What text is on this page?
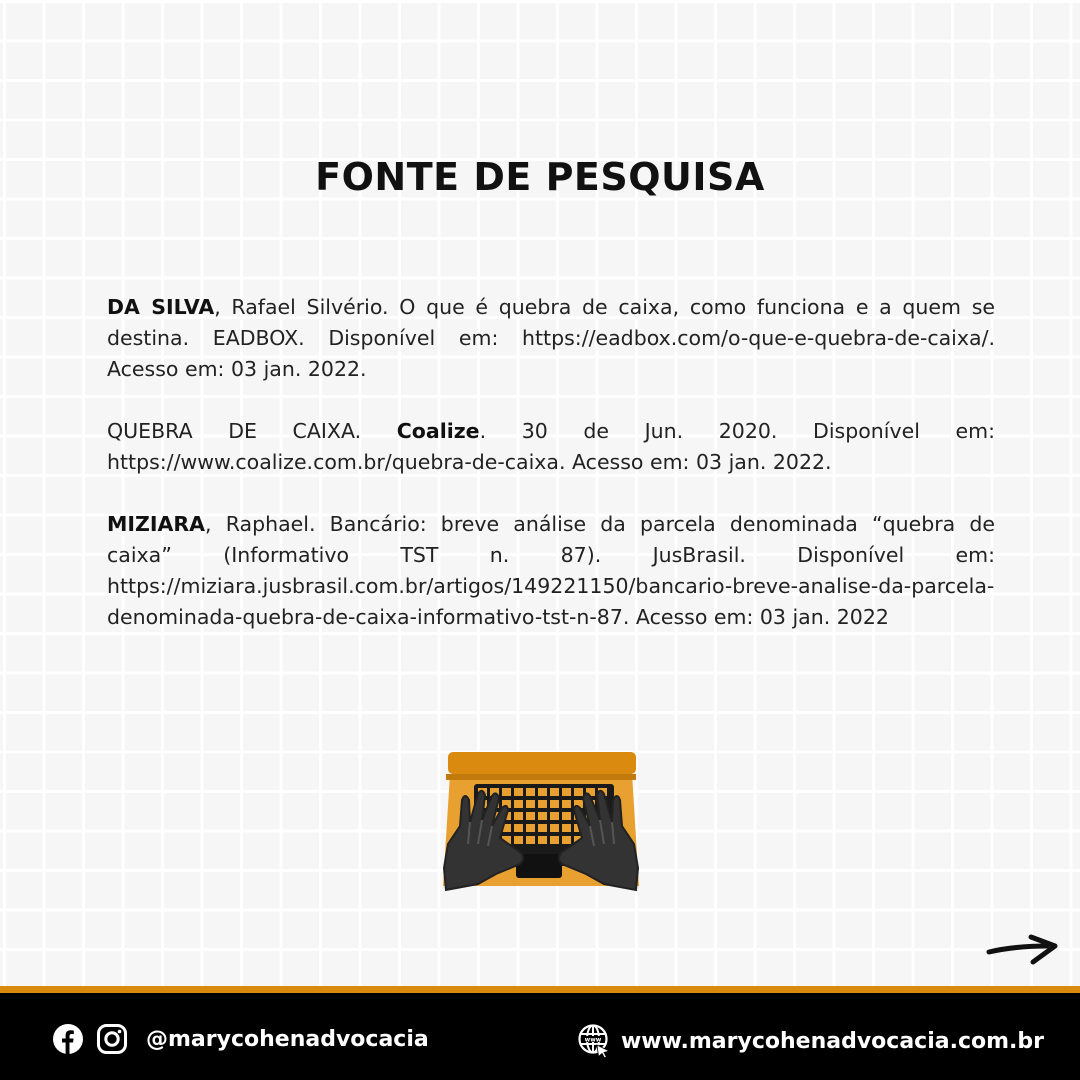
FONTE DE PESQUISA

DA SILVA, Rafael Silvério. O que é quebra de caixa, como funciona e a quem se destina. EADBOX. Disponível em: https://eadbox.com/o-que-e-quebra-de-caixa/. Acesso em: 03 jan. 2022.

QUEBRA DE CAIXA. Coalize. 30 de Jun. 2020. Disponível em: https://www.coalize.com.br/quebra-de-caixa. Acesso em: 03 jan. 2022.

MIZIARA, Raphael. Bancário: breve análise da parcela denominada “quebra de caixa” (Informativo TST n. 87). JusBrasil. Disponível em: https://miziara.jusbrasil.com.br/artigos/149221150/bancario-breve-analise-da-parcela-denominada-quebra-de-caixa-informativo-tst-n-87. Acesso em: 03 jan. 2022

@marycohenadvocacia	www www.marycohenadvocacia.com.br
